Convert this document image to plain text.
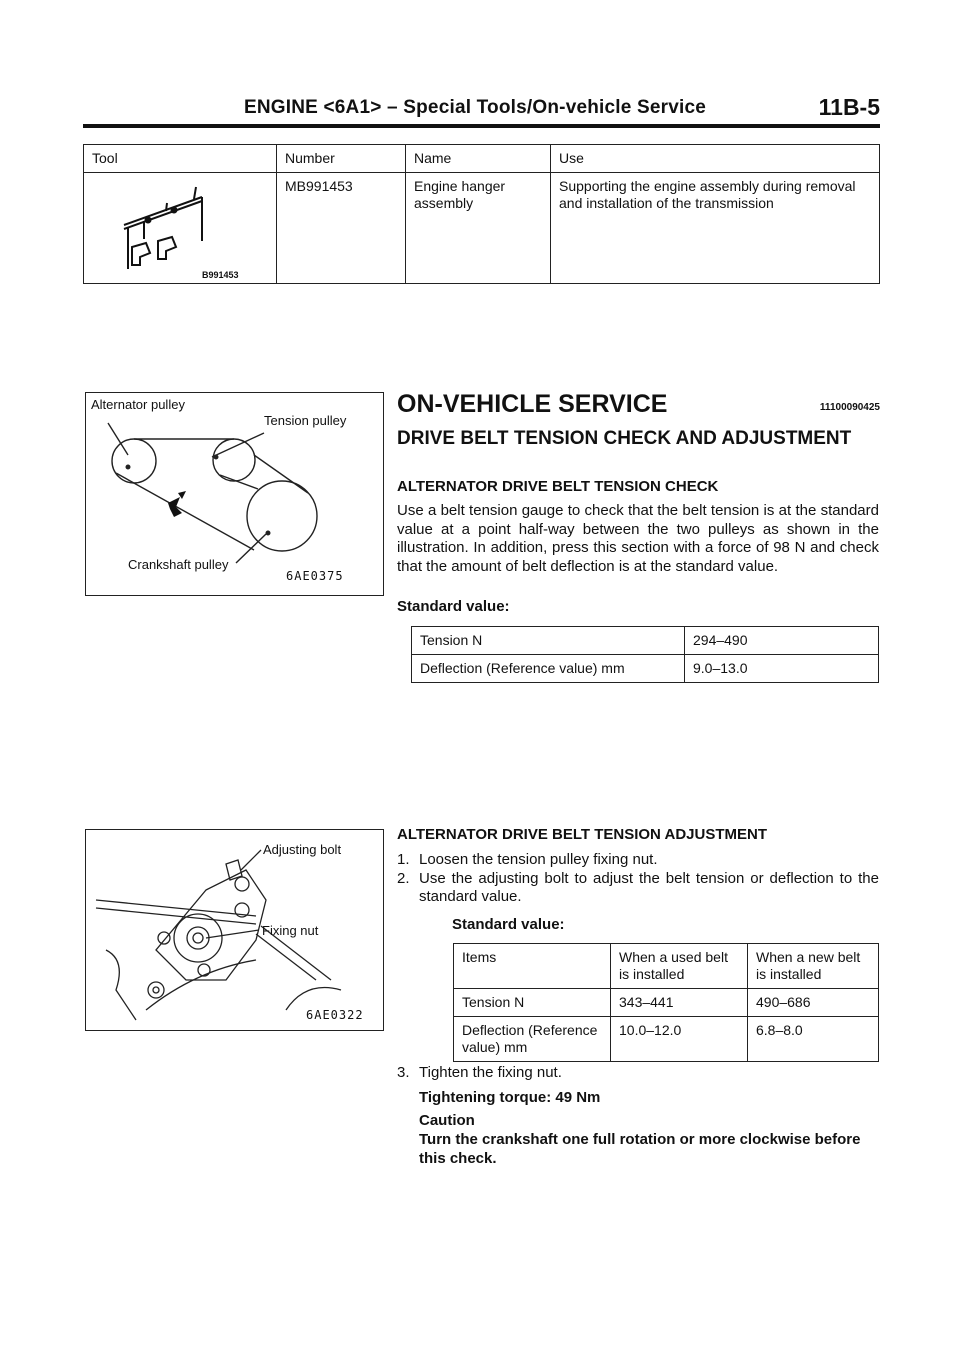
ENGINE <6A1> – Special Tools/On-vehicle Service	11B-5
Tool	Number	Name	Use

B991453	MB991453	Engine hanger assembly	Supporting the engine assembly during removal and installation of the transmission
Alternator pulley
Tension pulley
Crankshaft pulley
6AE0375
ON-VEHICLE SERVICE	11100090425
DRIVE BELT TENSION CHECK AND ADJUSTMENT
ALTERNATOR DRIVE BELT TENSION CHECK
Use a belt tension gauge to check that the belt tension is at the standard value at a point half-way between the two pulleys as shown in the illustration. In addition, press this section with a force of 98 N and check that the amount of belt deflection is at the standard value.
Standard value:
Tension N	294–490
Deflection (Reference value) mm	9.0–13.0
Adjusting bolt
Fixing nut
6AE0322
ALTERNATOR DRIVE BELT TENSION ADJUSTMENT
1. Loosen the tension pulley fixing nut.
2. Use the adjusting bolt to adjust the belt tension or deflection to the standard value.
Standard value:
Items	When a used belt is installed	When a new belt is installed
Tension N	343–441	490–686
Deflection (Reference value) mm	10.0–12.0	6.8–8.0
3. Tighten the fixing nut.
Tightening torque: 49 Nm
Caution
Turn the crankshaft one full rotation or more clockwise before this check.
